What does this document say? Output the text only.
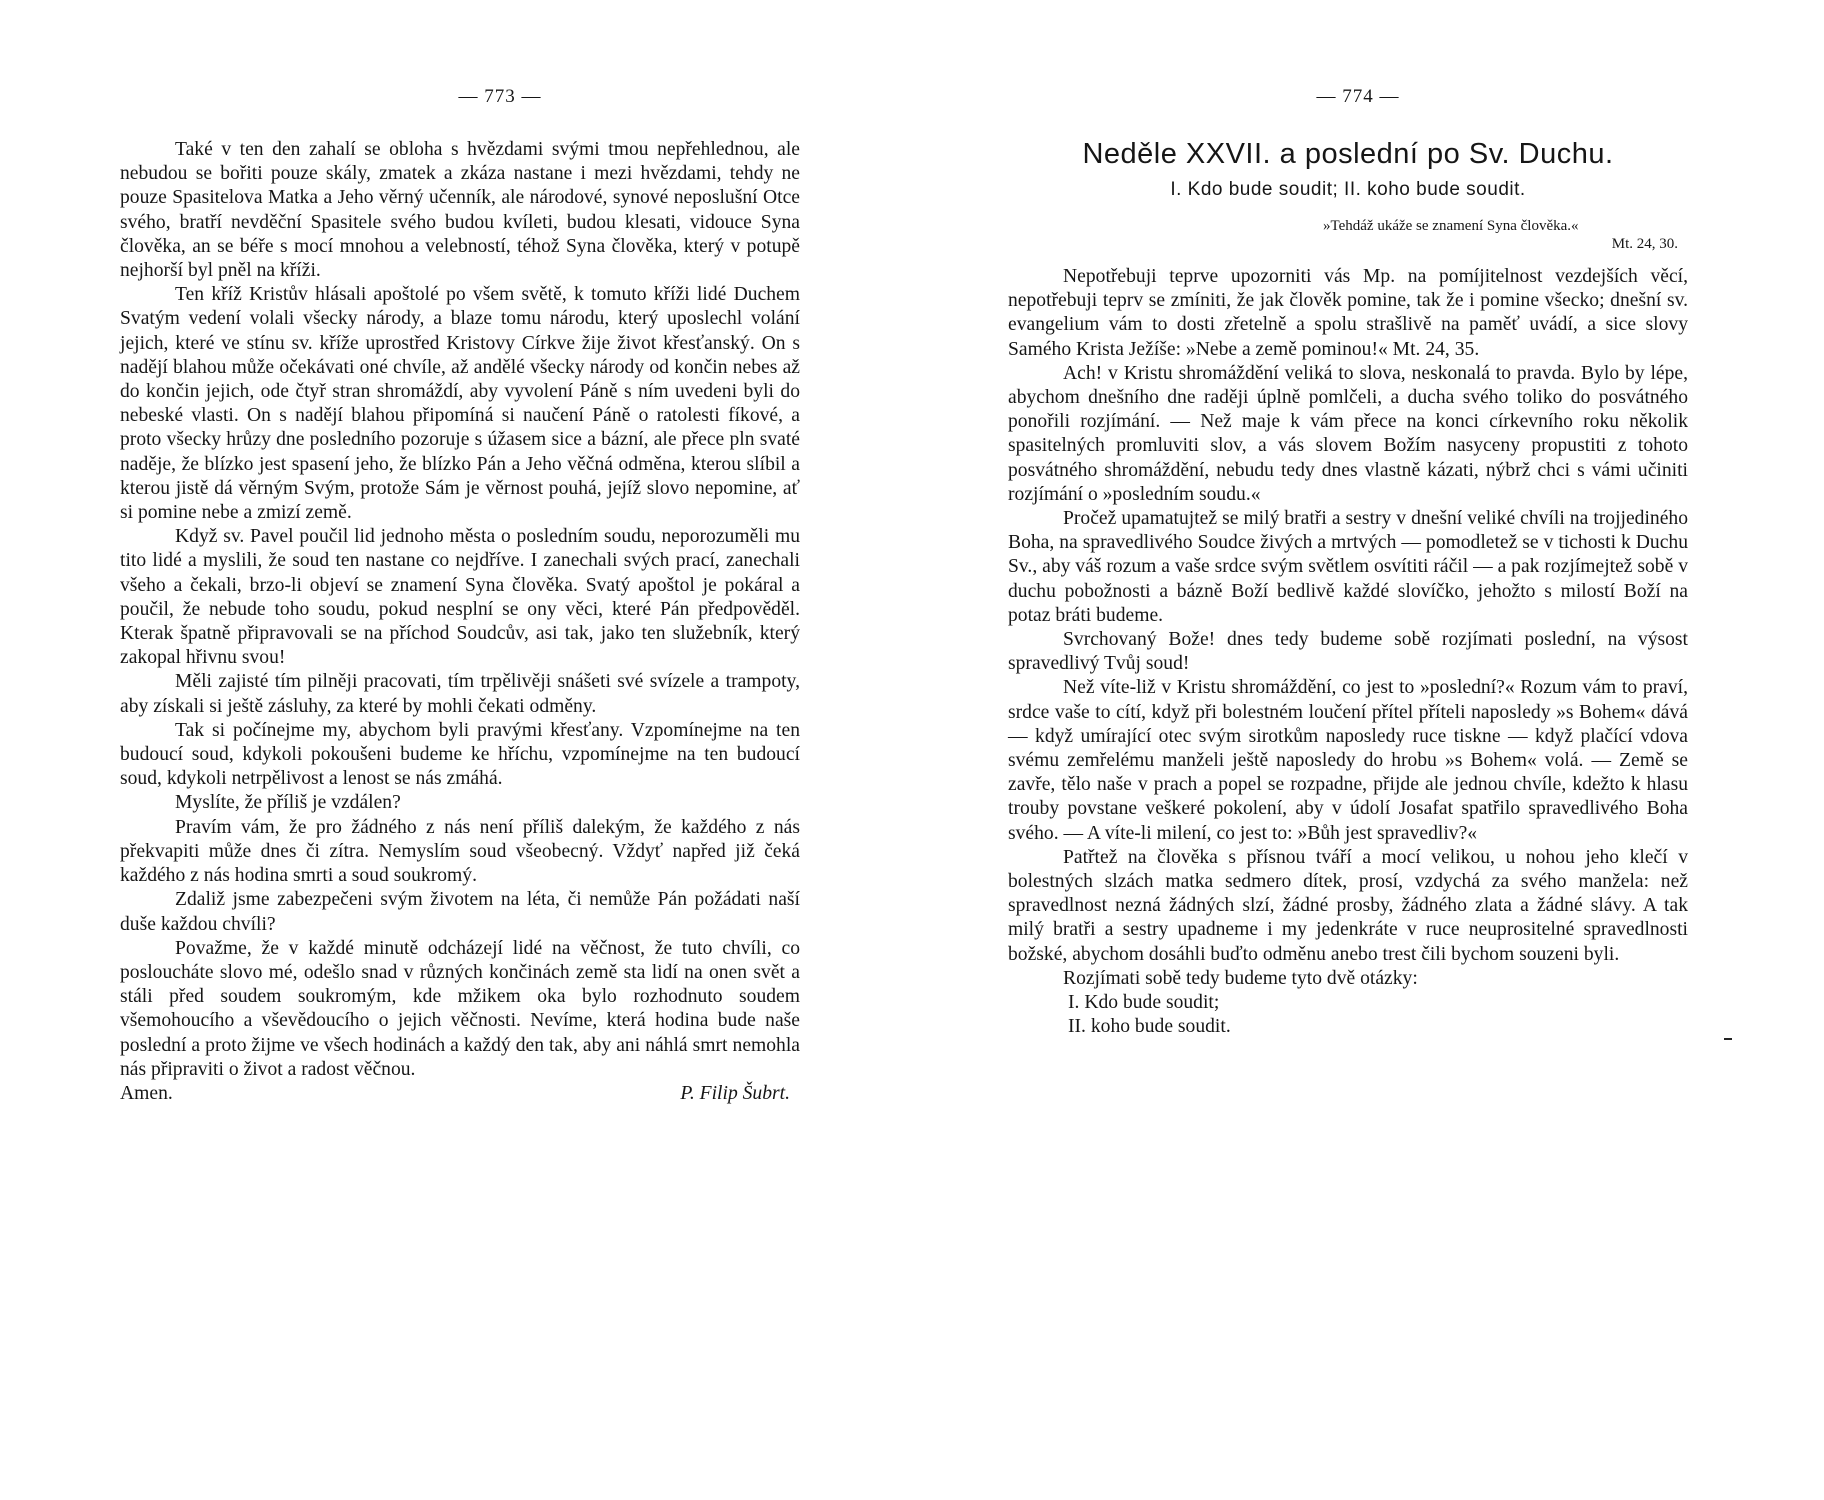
— 773 —

Také v ten den zahalí se obloha s hvězdami svými tmou nepřehlednou, ale nebudou se bořiti pouze skály, zmatek a zkáza nastane i mezi hvězdami, tehdy ne pouze Spasitelova Matka a Jeho věrný učenník, ale národové, synové neposlušní Otce svého, bratří nevděční Spasitele svého budou kvíleti, budou klesati, vidouce Syna člověka, an se béře s mocí mnohou a velebností, téhož Syna člověka, který v potupě nejhorší byl pněl na kříži.

Ten kříž Kristův hlásali apoštolé po všem světě, k tomuto kříži lidé Duchem Svatým vedení volali všecky národy, a blaze tomu národu, který uposlechl volání jejich, které ve stínu sv. kříže uprostřed Kristovy Církve žije život křesťanský. On s nadějí blahou může očekávati oné chvíle, až andělé všecky národy od končin nebes až do končin jejich, ode čtyř stran shromáždí, aby vyvolení Páně s ním uvedeni byli do nebeské vlasti. On s nadějí blahou připomíná si naučení Páně o ratolesti fíkové, a proto všecky hrůzy dne posledního pozoruje s úžasem sice a bázní, ale přece pln svaté naděje, že blízko jest spasení jeho, že blízko Pán a Jeho věčná odměna, kterou slíbil a kterou jistě dá věrným Svým, protože Sám je věrnost pouhá, jejíž slovo nepomine, ať si pomine nebe a zmizí země.

Když sv. Pavel poučil lid jednoho města o posledním soudu, neporozuměli mu tito lidé a myslili, že soud ten nastane co nejdříve. I zanechali svých prací, zanechali všeho a čekali, brzo-li objeví se znamení Syna člověka. Svatý apoštol je pokáral a poučil, že nebude toho soudu, pokud nesplní se ony věci, které Pán předpověděl. Kterak špatně připravovali se na příchod Soudcův, asi tak, jako ten služebník, který zakopal hřivnu svou!

Měli zajisté tím pilněji pracovati, tím trpělivěji snášeti své svízele a trampoty, aby získali si ještě zásluhy, za které by mohli čekati odměny.

Tak si počínejme my, abychom byli pravými křesťany. Vzpomínejme na ten budoucí soud, kdykoli pokoušeni budeme ke hříchu, vzpomínejme na ten budoucí soud, kdykoli netrpělivost a lenost se nás zmáhá.

Myslíte, že příliš je vzdálen?

Pravím vám, že pro žádného z nás není příliš dalekým, že každého z nás překvapiti může dnes či zítra. Nemyslím soud všeobecný. Vždyť napřed již čeká každého z nás hodina smrti a soud soukromý.

Zdaliž jsme zabezpečeni svým životem na léta, či nemůže Pán požádati naší duše každou chvíli?

Považme, že v každé minutě odcházejí lidé na věčnost, že tuto chvíli, co posloucháte slovo mé, odešlo snad v různých končinách země sta lidí na onen svět a stáli před soudem soukromým, kde mžikem oka bylo rozhodnuto soudem všemohoucího a vševědoucího o jejich věčnosti. Nevíme, která hodina bude naše poslední a proto žijme ve všech hodinách a každý den tak, aby ani náhlá smrt nemohla nás připraviti o život a radost věčnou.

Amen.	P. Filip Šubrt.
— 774 —
Neděle XXVII. a poslední po Sv. Duchu.
I. Kdo bude soudit; II. koho bude soudit.
»Tehdáž ukáže se znamení Syna člověka.«
Mt. 24, 30.

Nepotřebuji teprve upozorniti vás Mp. na pomíjitelnost vezdejších věcí, nepotřebuji teprv se zmíniti, že jak člověk pomine, tak že i pomine všecko; dnešní sv. evangelium vám to dosti zřetelně a spolu strašlivě na paměť uvádí, a sice slovy Samého Krista Ježíše: »Nebe a země pominou!« Mt. 24, 35.

Ach! v Kristu shromáždění veliká to slova, neskonalá to pravda. Bylo by lépe, abychom dnešního dne raději úplně pomlčeli, a ducha svého toliko do posvátného ponořili rozjímání. — Než maje k vám přece na konci církevního roku několik spasitelných promluviti slov, a vás slovem Božím nasyceny propustiti z tohoto posvátného shromáždění, nebudu tedy dnes vlastně kázati, nýbrž chci s vámi učiniti rozjímání o »posledním soudu.«

Pročež upamatujtež se milý bratři a sestry v dnešní veliké chvíli na trojjediného Boha, na spravedlivého Soudce živých a mrtvých — pomodletež se v tichosti k Duchu Sv., aby váš rozum a vaše srdce svým světlem osvítiti ráčil — a pak rozjímejtež sobě v duchu pobožnosti a bázně Boží bedlivě každé slovíčko, jehožto s milostí Boží na potaz bráti budeme.

Svrchovaný Bože! dnes tedy budeme sobě rozjímati poslední, na výsost spravedlivý Tvůj soud!

Než víte-liž v Kristu shromáždění, co jest to »poslední?« Rozum vám to praví, srdce vaše to cítí, když při bolestném loučení přítel příteli naposledy »s Bohem« dává — když umírající otec svým sirotkům naposledy ruce tiskne — když plačící vdova svému zemřelému manželi ještě naposledy do hrobu »s Bohem« volá. — Země se zavře, tělo naše v prach a popel se rozpadne, přijde ale jednou chvíle, kdežto k hlasu trouby povstane veškeré pokolení, aby v údolí Josafat spatřilo spravedlivého Boha svého. — A víte-li milení, co jest to: »Bůh jest spravedliv?«

Patřtež na člověka s přísnou tváří a mocí velikou, u nohou jeho klečí v bolestných slzách matka sedmero dítek, prosí, vzdychá za svého manžela: než spravedlnost nezná žádných slzí, žádné prosby, žádného zlata a žádné slávy. A tak milý bratři a sestry upadneme i my jedenkráte v ruce neuprositelné spravedlnosti božské, abychom dosáhli buďto odměnu anebo trest čili bychom souzeni byli.

Rozjímati sobě tedy budeme tyto dvě otázky:

I. Kdo bude soudit;
II. koho bude soudit.
